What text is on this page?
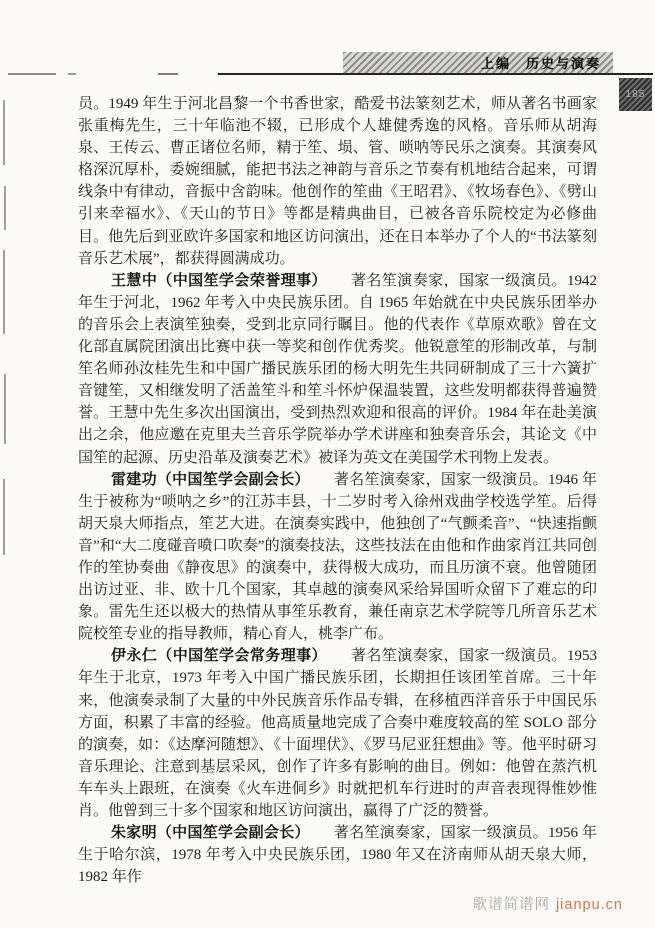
上编　历史与演奏
185

员。1949 年生于河北昌黎一个书香世家，酷爱书法篆刻艺术，师从著名书画家张重梅先生，三十年临池不辍，已形成个人雄健秀逸的风格。音乐师从胡海泉、王传云、曹正诸位名师，精于笙、埙、管、唢呐等民乐之演奏。其演奏风格深沉厚朴，委婉细腻，能把书法之神韵与音乐之节奏有机地结合起来，可谓线条中有律动，音振中含韵味。他创作的笙曲《王昭君》、《牧场春色》、《劈山引来幸福水》、《天山的节日》等都是精典曲目，已被各音乐院校定为必修曲目。他先后到亚欧许多国家和地区访问演出，还在日本举办了个人的“书法篆刻音乐艺术展”，都获得圆满成功。

王慧中（中国笙学会荣誉理事） 著名笙演奏家，国家一级演员。1942 年生于河北，1962 年考入中央民族乐团。自 1965 年始就在中央民族乐团举办的音乐会上表演笙独奏，受到北京同行瞩目。他的代表作《草原欢歌》曾在文化部直属院团演出比赛中获一等奖和创作优秀奖。他锐意笙的形制改革，与制笙名师孙汝桂先生和中国广播民族乐团的杨大明先生共同研制成了三十六簧扩音键笙，又相继发明了活盖笙斗和笙斗怀炉保温装置，这些发明都获得普遍赞誉。王慧中先生多次出国演出，受到热烈欢迎和很高的评价。1984 年在赴美演出之余，他应邀在克里夫兰音乐学院举办学术讲座和独奏音乐会，其论文《中国笙的起源、历史沿革及演奏艺术》被译为英文在美国学术刊物上发表。

雷建功（中国笙学会副会长） 著名笙演奏家，国家一级演员。1946 年生于被称为“唢呐之乡”的江苏丰县，十二岁时考入徐州戏曲学校选学笙。后得胡天泉大师指点，笙艺大进。在演奏实践中，他独创了“气颤柔音”、“快速指颤音”和“大二度碰音喷口吹奏”的演奏技法，这些技法在由他和作曲家肖江共同创作的笙协奏曲《静夜思》的演奏中，获得极大成功，而且历演不衰。他曾随团出访过亚、非、欧十几个国家，其卓越的演奏风采给异国听众留下了难忘的印象。雷先生还以极大的热情从事笙乐教育，兼任南京艺术学院等几所音乐艺术院校笙专业的指导教师，精心育人，桃李广布。

伊永仁（中国笙学会常务理事） 著名笙演奏家，国家一级演员。1953 年生于北京，1973 年考入中国广播民族乐团，长期担任该团笙首席。三十年来，他演奏录制了大量的中外民族音乐作品专辑，在移植西洋音乐于中国民乐方面，积累了丰富的经验。他高质量地完成了合奏中难度较高的笙 SOLO 部分的演奏，如：《达摩河随想》、《十面埋伏》、《罗马尼亚狂想曲》等。他平时研习音乐理论、注意到基层采风，创作了许多有影响的曲目。例如：他曾在蒸汽机车车头上跟班，在演奏《火车进侗乡》时就把机车行进时的声音表现得惟妙惟肖。他曾到三十多个国家和地区访问演出，赢得了广泛的赞誉。

朱家明（中国笙学会副会长） 著名笙演奏家，国家一级演员。1956 年生于哈尔滨，1978 年考入中央民族乐团，1980 年又在济南师从胡天泉大师，1982 年作

歌谱简谱网 jianpu.cn
